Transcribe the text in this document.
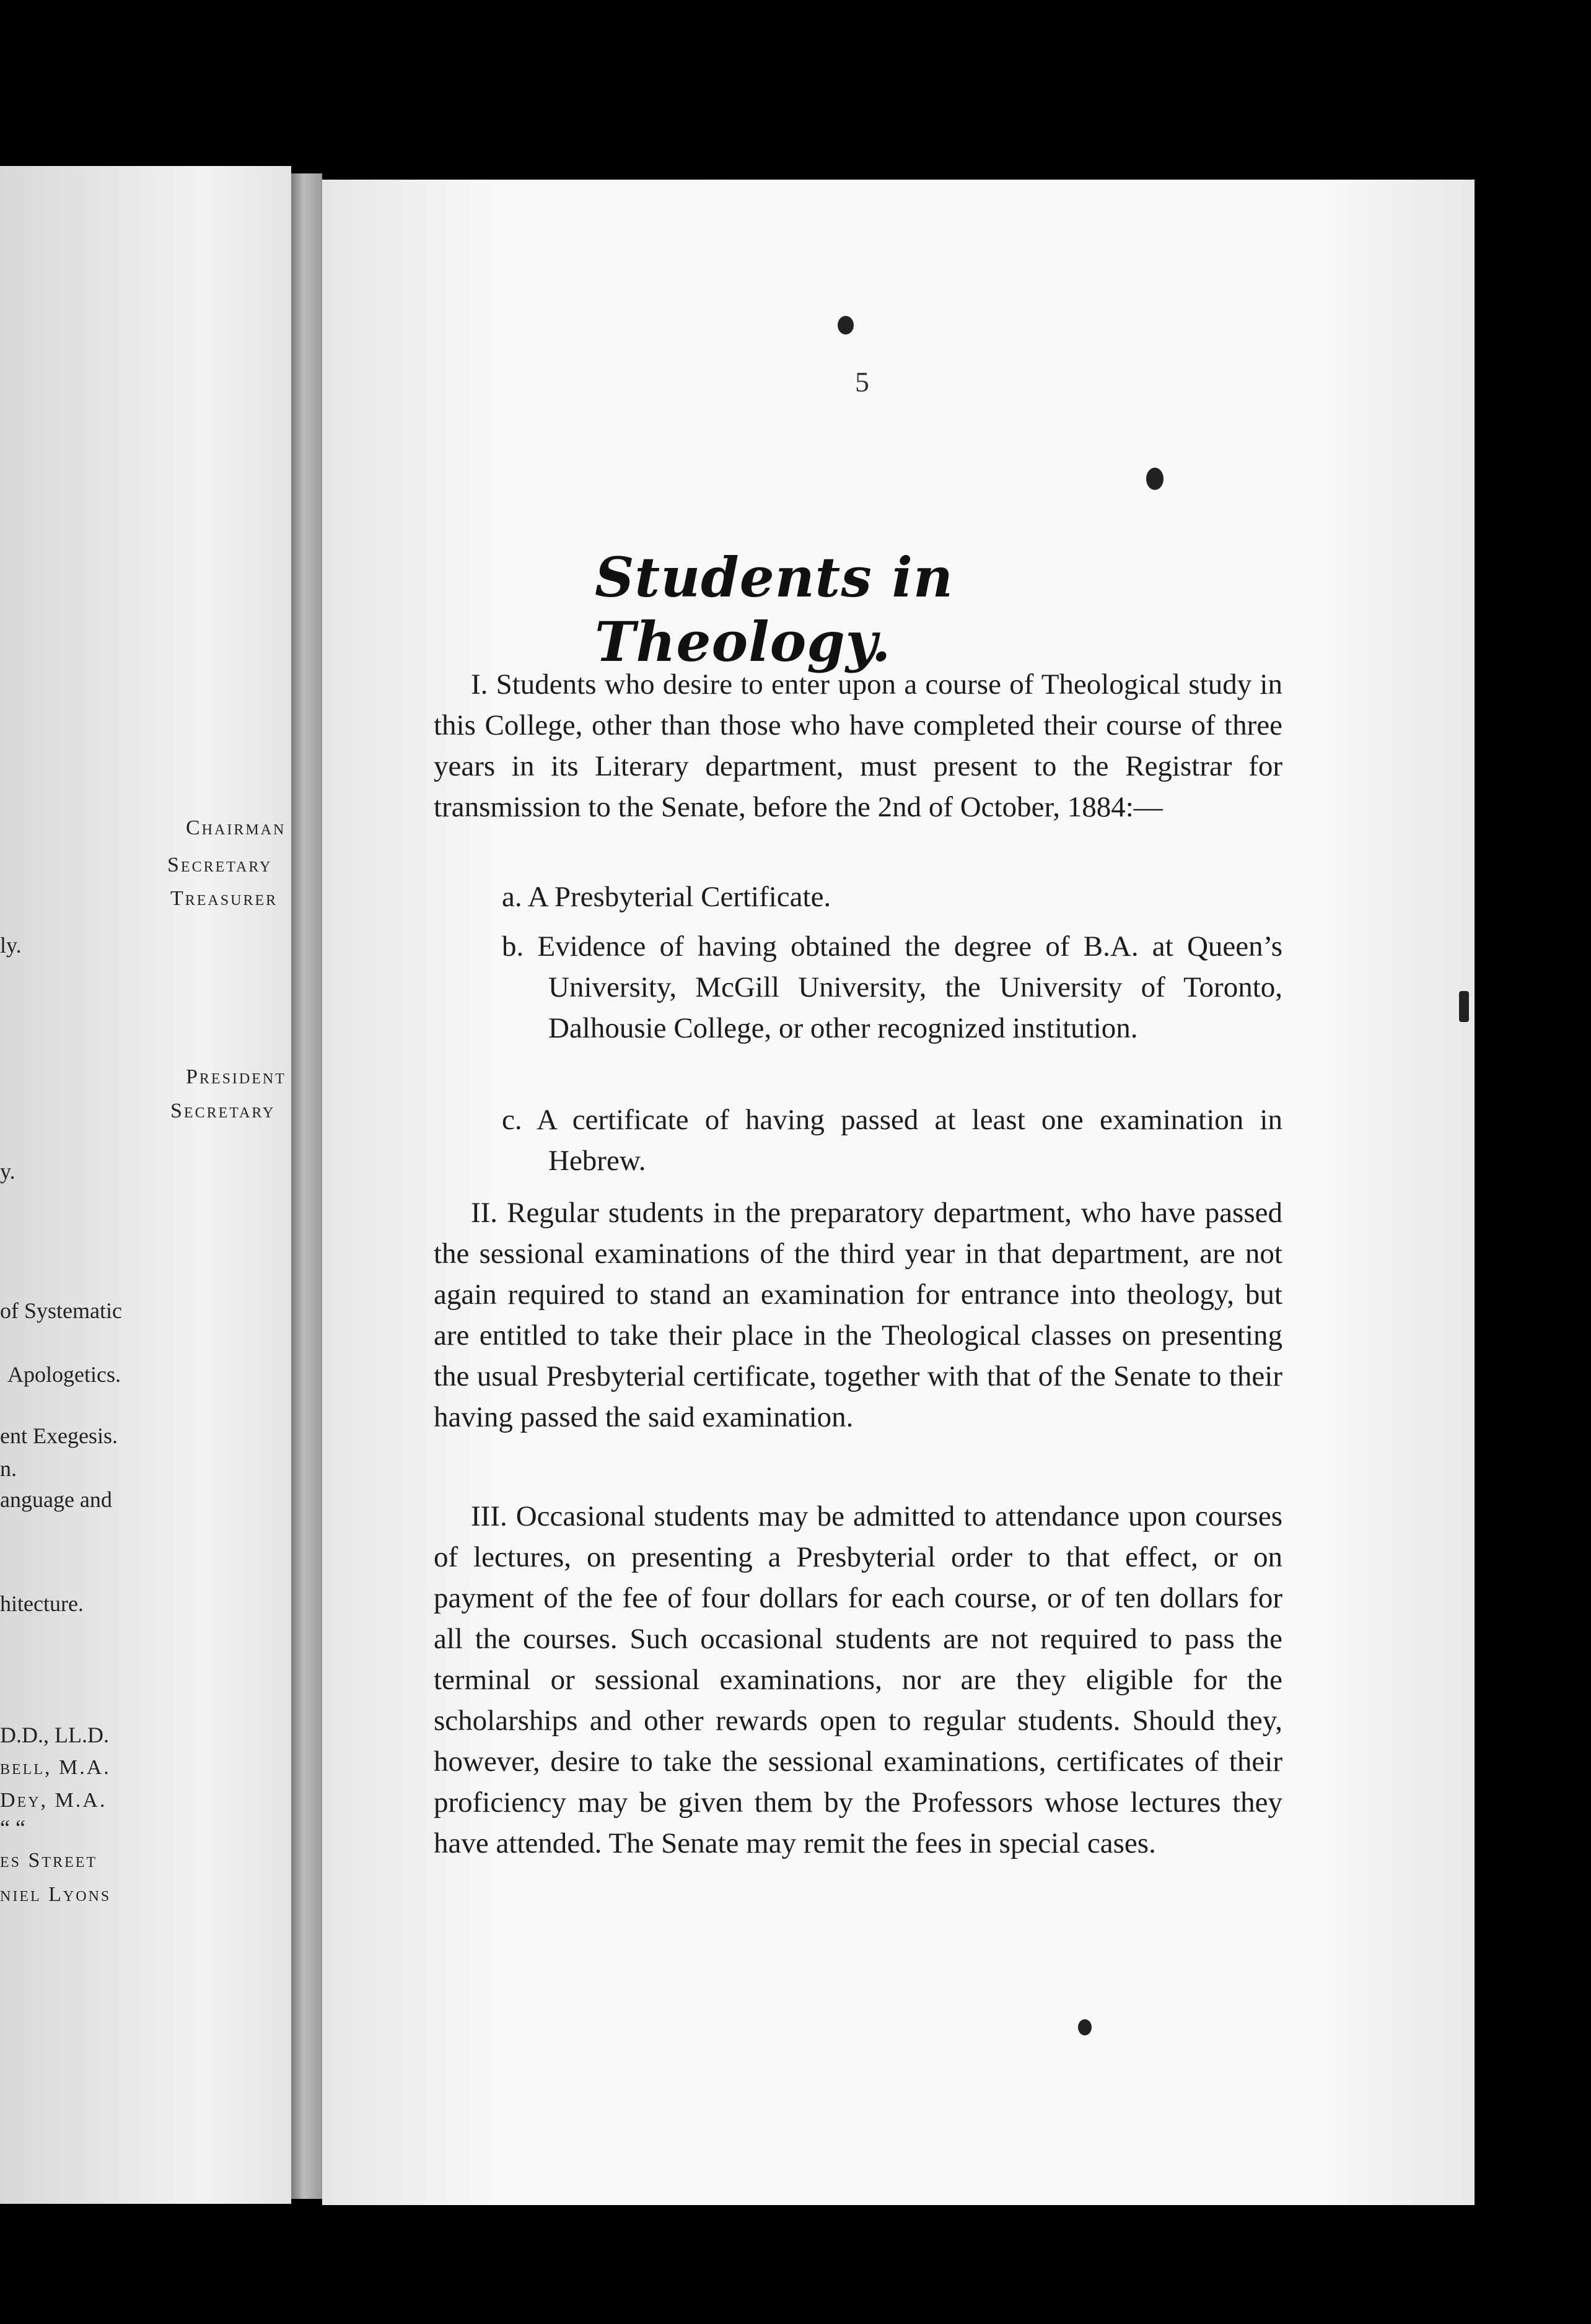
Chairman
Secretary
Treasurer
ly.
President
Secretary
y.
of Systematic
Apologetics.
ent Exegesis.
n.
anguage and
hitecture.
D.D., LL.D.
bell, M.A.
Dey, M.A.
“ “
es Street
niel Lyons
5
Students in Theology.
I. Students who desire to enter upon a course of Theological study in this College, other than those who have completed their course of three years in its Literary department, must present to the Registrar for transmission to the Senate, before the 2nd of October, 1884:—
a. A Presbyterial Certificate.
b. Evidence of having obtained the degree of B.A. at Queen’s University, McGill University, the University of Toronto, Dalhousie College, or other recognized institution.
c. A certificate of having passed at least one examination in Hebrew.
II. Regular students in the preparatory department, who have passed the sessional examinations of the third year in that department, are not again required to stand an examination for entrance into theology, but are entitled to take their place in the Theological classes on presenting the usual Presbyterial certificate, together with that of the Senate to their having passed the said examination.
III. Occasional students may be admitted to attendance upon courses of lectures, on presenting a Presbyterial order to that effect, or on payment of the fee of four dollars for each course, or of ten dollars for all the courses. Such occasional students are not required to pass the terminal or sessional examinations, nor are they eligible for the scholarships and other rewards open to regular students. Should they, however, desire to take the sessional examinations, certificates of their proficiency may be given them by the Professors whose lectures they have attended. The Senate may remit the fees in special cases.
